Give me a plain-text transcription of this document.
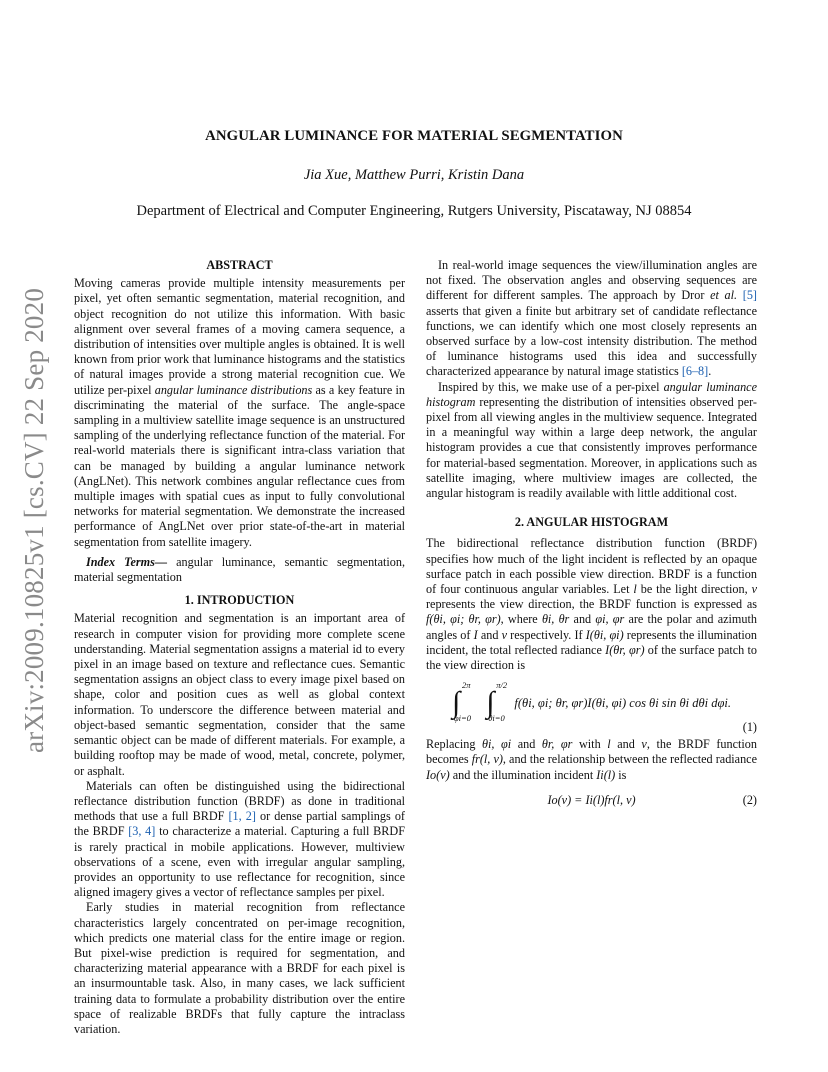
arXiv:2009.10825v1 [cs.CV] 22 Sep 2020
ANGULAR LUMINANCE FOR MATERIAL SEGMENTATION
Jia Xue, Matthew Purri, Kristin Dana
Department of Electrical and Computer Engineering, Rutgers University, Piscataway, NJ 08854
ABSTRACT

Moving cameras provide multiple intensity measurements per pixel, yet often semantic segmentation, material recognition, and object recognition do not utilize this information. With basic alignment over several frames of a moving camera sequence, a distribution of intensities over multiple angles is obtained. It is well known from prior work that luminance histograms and the statistics of natural images provide a strong material recognition cue. We utilize per-pixel angular luminance distributions as a key feature in discriminating the material of the surface. The angle-space sampling in a multiview satellite image sequence is an unstructured sampling of the underlying reflectance function of the material. For real-world materials there is significant intra-class variation that can be managed by building a angular luminance network (AngLNet). This network combines angular reflectance cues from multiple images with spatial cues as input to fully convolutional networks for material segmentation. We demonstrate the increased performance of AngLNet over prior state-of-the-art in material segmentation from satellite imagery.

Index Terms— angular luminance, semantic segmentation, material segmentation

1. INTRODUCTION

Material recognition and segmentation is an important area of research in computer vision for providing more complete scene understanding. Material segmentation assigns a material id to every pixel in an image based on texture and reflectance cues. Semantic segmentation assigns an object class to every image pixel based on shape, color and position cues as well as global context information. To underscore the difference between material and object-based semantic segmentation, consider that the same semantic object can be made of different materials. For example, a building rooftop may be made of wood, metal, concrete, polymer, or asphalt.

Materials can often be distinguished using the bidirectional reflectance distribution function (BRDF) as done in traditional methods that use a full BRDF [1, 2] or dense partial samplings of the BRDF [3, 4] to characterize a material. Capturing a full BRDF is rarely practical in mobile applications. However, multiview observations of a scene, even with irregular angular sampling, provides an opportunity to use reflectance for recognition, since aligned imagery gives a vector of reflectance samples per pixel.

Early studies in material recognition from reflectance characteristics largely concentrated on per-image recognition, which predicts one material class for the entire image or region. But pixel-wise prediction is required for segmentation, and characterizing material appearance with a BRDF for each pixel is an insurmountable task. Also, in many cases, we lack sufficient training data to formulate a probability distribution over the entire space of realizable BRDFs that fully capture the intraclass variation.

In real-world image sequences the view/illumination angles are not fixed. The observation angles and observing sequences are different for different samples. The approach by Dror et al. [5] asserts that given a finite but arbitrary set of candidate reflectance functions, we can identify which one most closely represents an observed surface by a low-cost intensity distribution. The method of luminance histograms used this idea and successfully characterized appearance by natural image statistics [6–8].

Inspired by this, we make use of a per-pixel angular luminance histogram representing the distribution of intensities observed per-pixel from all viewing angles in the multiview sequence. Integrated in a meaningful way within a large deep network, the angular histogram provides a cue that consistently improves performance for material-based segmentation. Moreover, in applications such as satellite imaging, where multiview images are collected, the angular histogram is readily available with little additional cost.

2. ANGULAR HISTOGRAM

The bidirectional reflectance distribution function (BRDF) specifies how much of the light incident is reflected by an opaque surface patch in each possible view direction. BRDF is a function of four continuous angular variables. Let l be the light direction, v represents the view direction, the BRDF function is expressed as f(θi, φi; θr, φr), where θi, θr and φi, φr are the polar and azimuth angles of I and v respectively. If I(θi, φi) represents the illumination incident, the total reflected radiance I(θr, φr) of the surface patch to the view direction is

∫
2π
φi=0 ∫
π/2
θi=0
f(θi, φi; θr, φr)I(θi, φi) cos θi sin θi dθi dφi.
(1)

Replacing θi, φi and θr, φr with l and v, the BRDF function becomes fr(l, v), and the relationship between the reflected radiance Io(v) and the illumination incident Ii(l) is

Io(v) = Ii(l)fr(l, v)	(2)
